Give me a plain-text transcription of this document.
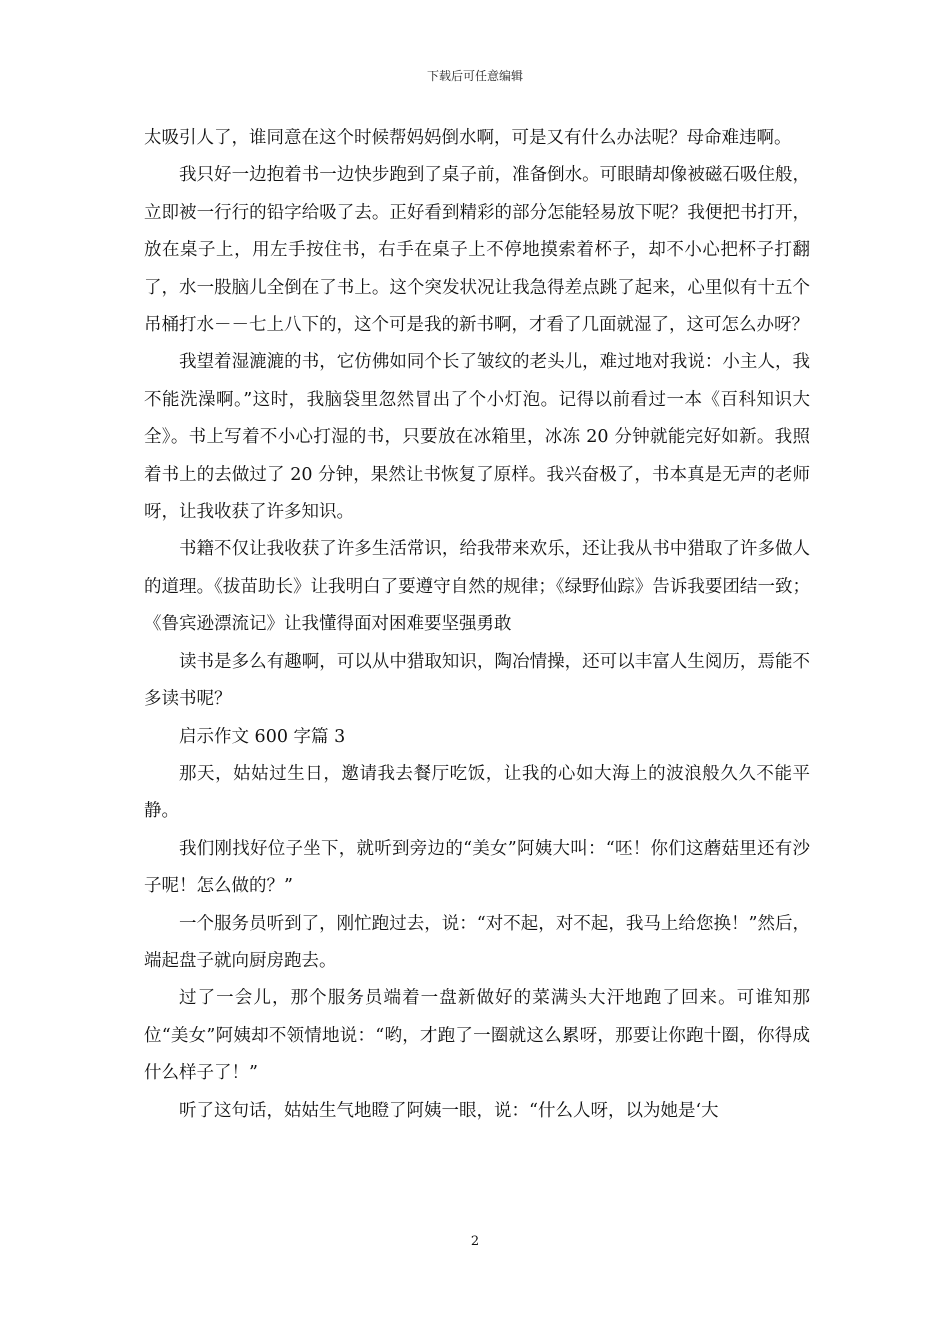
下载后可任意编辑

太吸引人了，谁同意在这个时候帮妈妈倒水啊，可是又有什么办法呢？母命难违啊。

我只好一边抱着书一边快步跑到了桌子前，准备倒水。可眼睛却像被磁石吸住般，立即被一行行的铅字给吸了去。正好看到精彩的部分怎能轻易放下呢？我便把书打开，放在桌子上，用左手按住书，右手在桌子上不停地摸索着杯子，却不小心把杯子打翻了，水一股脑儿全倒在了书上。这个突发状况让我急得差点跳了起来，心里似有十五个吊桶打水－－七上八下的，这个可是我的新书啊，才看了几面就湿了，这可怎么办呀？

我望着湿漉漉的书，它仿佛如同个长了皱纹的老头儿，难过地对我说：小主人，我不能洗澡啊。”这时，我脑袋里忽然冒出了个小灯泡。记得以前看过一本《百科知识大全》。书上写着不小心打湿的书，只要放在冰箱里，冰冻 20 分钟就能完好如新。我照着书上的去做过了 20 分钟，果然让书恢复了原样。我兴奋极了，书本真是无声的老师呀，让我收获了许多知识。

书籍不仅让我收获了许多生活常识，给我带来欢乐，还让我从书中猎取了许多做人的道理。《拔苗助长》让我明白了要遵守自然的规律；《绿野仙踪》告诉我要团结一致；《鲁宾逊漂流记》让我懂得面对困难要坚强勇敢

读书是多么有趣啊，可以从中猎取知识，陶冶情操，还可以丰富人生阅历，焉能不多读书呢？

启示作文 600 字篇 3

那天，姑姑过生日，邀请我去餐厅吃饭，让我的心如大海上的波浪般久久不能平静。

我们刚找好位子坐下，就听到旁边的“美女”阿姨大叫：“呸！你们这蘑菇里还有沙子呢！怎么做的？”

一个服务员听到了，刚忙跑过去，说：“对不起，对不起，我马上给您换！”然后，端起盘子就向厨房跑去。

过了一会儿，那个服务员端着一盘新做好的菜满头大汗地跑了回来。可谁知那位“美女”阿姨却不领情地说：“哟，才跑了一圈就这么累呀，那要让你跑十圈，你得成什么样子了！”

听了这句话，姑姑生气地瞪了阿姨一眼，说：“什么人呀，以为她是‘大

2
